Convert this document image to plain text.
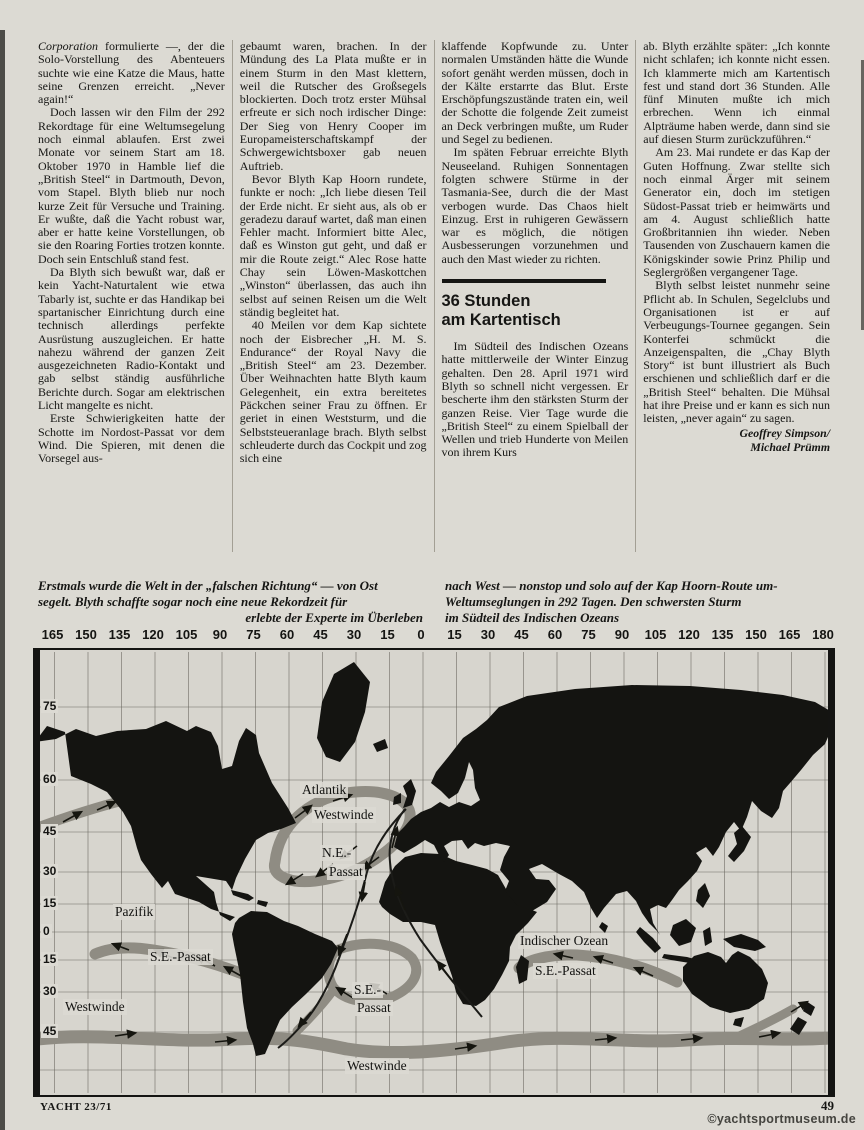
Corporation formulierte —, der die Solo-Vorstellung des Abenteuers suchte wie eine Katze die Maus, hatte seine Grenzen erreicht. „Never again!“

Doch lassen wir den Film der 292 Rekordtage für eine Weltumsegelung noch einmal ablaufen. Erst zwei Monate vor seinem Start am 18. Oktober 1970 in Hamble lief die „British Steel“ in Dartmouth, Devon, vom Stapel. Blyth blieb nur noch kurze Zeit für Versuche und Training. Er wußte, daß die Yacht robust war, aber er hatte keine Vorstellungen, ob sie den Roaring Forties trotzen konnte. Doch sein Entschluß stand fest.

Da Blyth sich bewußt war, daß er kein Yacht-Naturtalent wie etwa Tabarly ist, suchte er das Handikap bei spartanischer Einrichtung durch eine technisch allerdings perfekte Ausrüstung auszugleichen. Er hatte nahezu während der ganzen Zeit ausgezeichneten Radio-Kontakt und gab selbst ständig ausführliche Berichte durch. Sogar am elektrischen Licht mangelte es nicht.

Erste Schwierigkeiten hatte der Schotte im Nordost-Passat vor dem Wind. Die Spieren, mit denen die Vorsegel aus-

gebaumt waren, brachen. In der Mündung des La Plata mußte er in einem Sturm in den Mast klettern, weil die Rutscher des Großsegels blockierten. Doch trotz erster Mühsal erfreute er sich noch irdischer Dinge: Der Sieg von Henry Cooper im Europameisterschaftskampf der Schwergewichtsboxer gab neuen Auftrieb.

Bevor Blyth Kap Hoorn rundete, funkte er noch: „Ich liebe diesen Teil der Erde nicht. Er sieht aus, als ob er geradezu darauf wartet, daß man einen Fehler macht. Informiert bitte Alec, daß es Winston gut geht, und daß er mir die Route zeigt.“ Alec Rose hatte Chay sein Löwen-Maskottchen „Winston“ überlassen, das auch ihn selbst auf seinen Reisen um die Welt ständig begleitet hat.

40 Meilen vor dem Kap sichtete noch der Eisbrecher „H. M. S. Endurance“ der Royal Navy die „British Steel“ am 23. Dezember. Über Weihnachten hatte Blyth kaum Gelegenheit, ein extra bereitetes Päckchen seiner Frau zu öffnen. Er geriet in einen Weststurm, und die Selbststeueranlage brach. Blyth selbst schleuderte durch das Cockpit und zog sich eine

klaffende Kopfwunde zu. Unter normalen Umständen hätte die Wunde sofort genäht werden müssen, doch in der Kälte erstarrte das Blut. Erste Erschöpfungszustände traten ein, weil der Schotte die folgende Zeit zumeist an Deck verbringen mußte, um Ruder und Segel zu bedienen.

Im späten Februar erreichte Blyth Neuseeland. Ruhigen Sonnentagen folgten schwere Stürme in der Tasmania-See, durch die der Mast verbogen wurde. Das Chaos hielt Einzug. Erst in ruhigeren Gewässern war es möglich, die nötigen Ausbesserungen vorzunehmen und auch den Mast wieder zu richten.

36 Stunden
am Kartentisch

Im Südteil des Indischen Ozeans hatte mittlerweile der Winter Einzug gehalten. Den 28. April 1971 wird Blyth so schnell nicht vergessen. Er bescherte ihm den stärksten Sturm der ganzen Reise. Vier Tage wurde die „British Steel“ zu einem Spielball der Wellen und trieb Hunderte von Meilen von ihrem Kurs

ab. Blyth erzählte später: „Ich konnte nicht schlafen; ich konnte nicht essen. Ich klammerte mich am Kartentisch fest und stand dort 36 Stunden. Alle fünf Minuten mußte ich mich erbrechen. Wenn ich einmal Alpträume haben werde, dann sind sie auf diesen Sturm zurückzuführen.“

Am 23. Mai rundete er das Kap der Guten Hoffnung. Zwar stellte sich noch einmal Ärger mit seinem Generator ein, doch im stetigen Südost-Passat trieb er heimwärts und am 4. August schließlich hatte Großbritannien ihn wieder. Neben Tausenden von Zuschauern kamen die Königskinder sowie Prinz Philip und Seglergrößen vergangener Tage.

Blyth selbst leistet nunmehr seine Pflicht ab. In Schulen, Segelclubs und Organisationen ist er auf Verbeugungs-Tournee gegangen. Sein Konterfei schmückt die Anzeigenspalten, die „Chay Blyth Story“ ist bunt illustriert als Buch erschienen und schließlich darf er die „British Steel“ behalten. Die Mühsal hat ihre Preise und er kann es sich nun leisten, „never again“ zu sagen.

Geoffrey Simpson/
Michael Prümm

Erstmals wurde die Welt in der „falschen Richtung“ — von Ost	nach West — nonstop und solo auf der Kap Hoorn-Route um-
segelt. Blyth schaffte sogar noch eine neue Rekordzeit für	Weltumseglungen in 292 Tagen. Den schwersten Sturm
erlebte der Experte im Überleben im Südteil des Indischen Ozeans
165 150 135 120 105 90 75 60 45 30 15 0 15 30 45 60 75 90 105 120 135 150 165 180
75
60
45
30
15
0
15
30
45
Atlantik
Westwinde
N.E.-
Passat
Pazifik
S.E.-Passat
Westwinde
S.E.-
Passat
Indischer Ozean
S.E.-Passat
Westwinde
YACHT 23/71	49
©yachtsportmuseum.de
